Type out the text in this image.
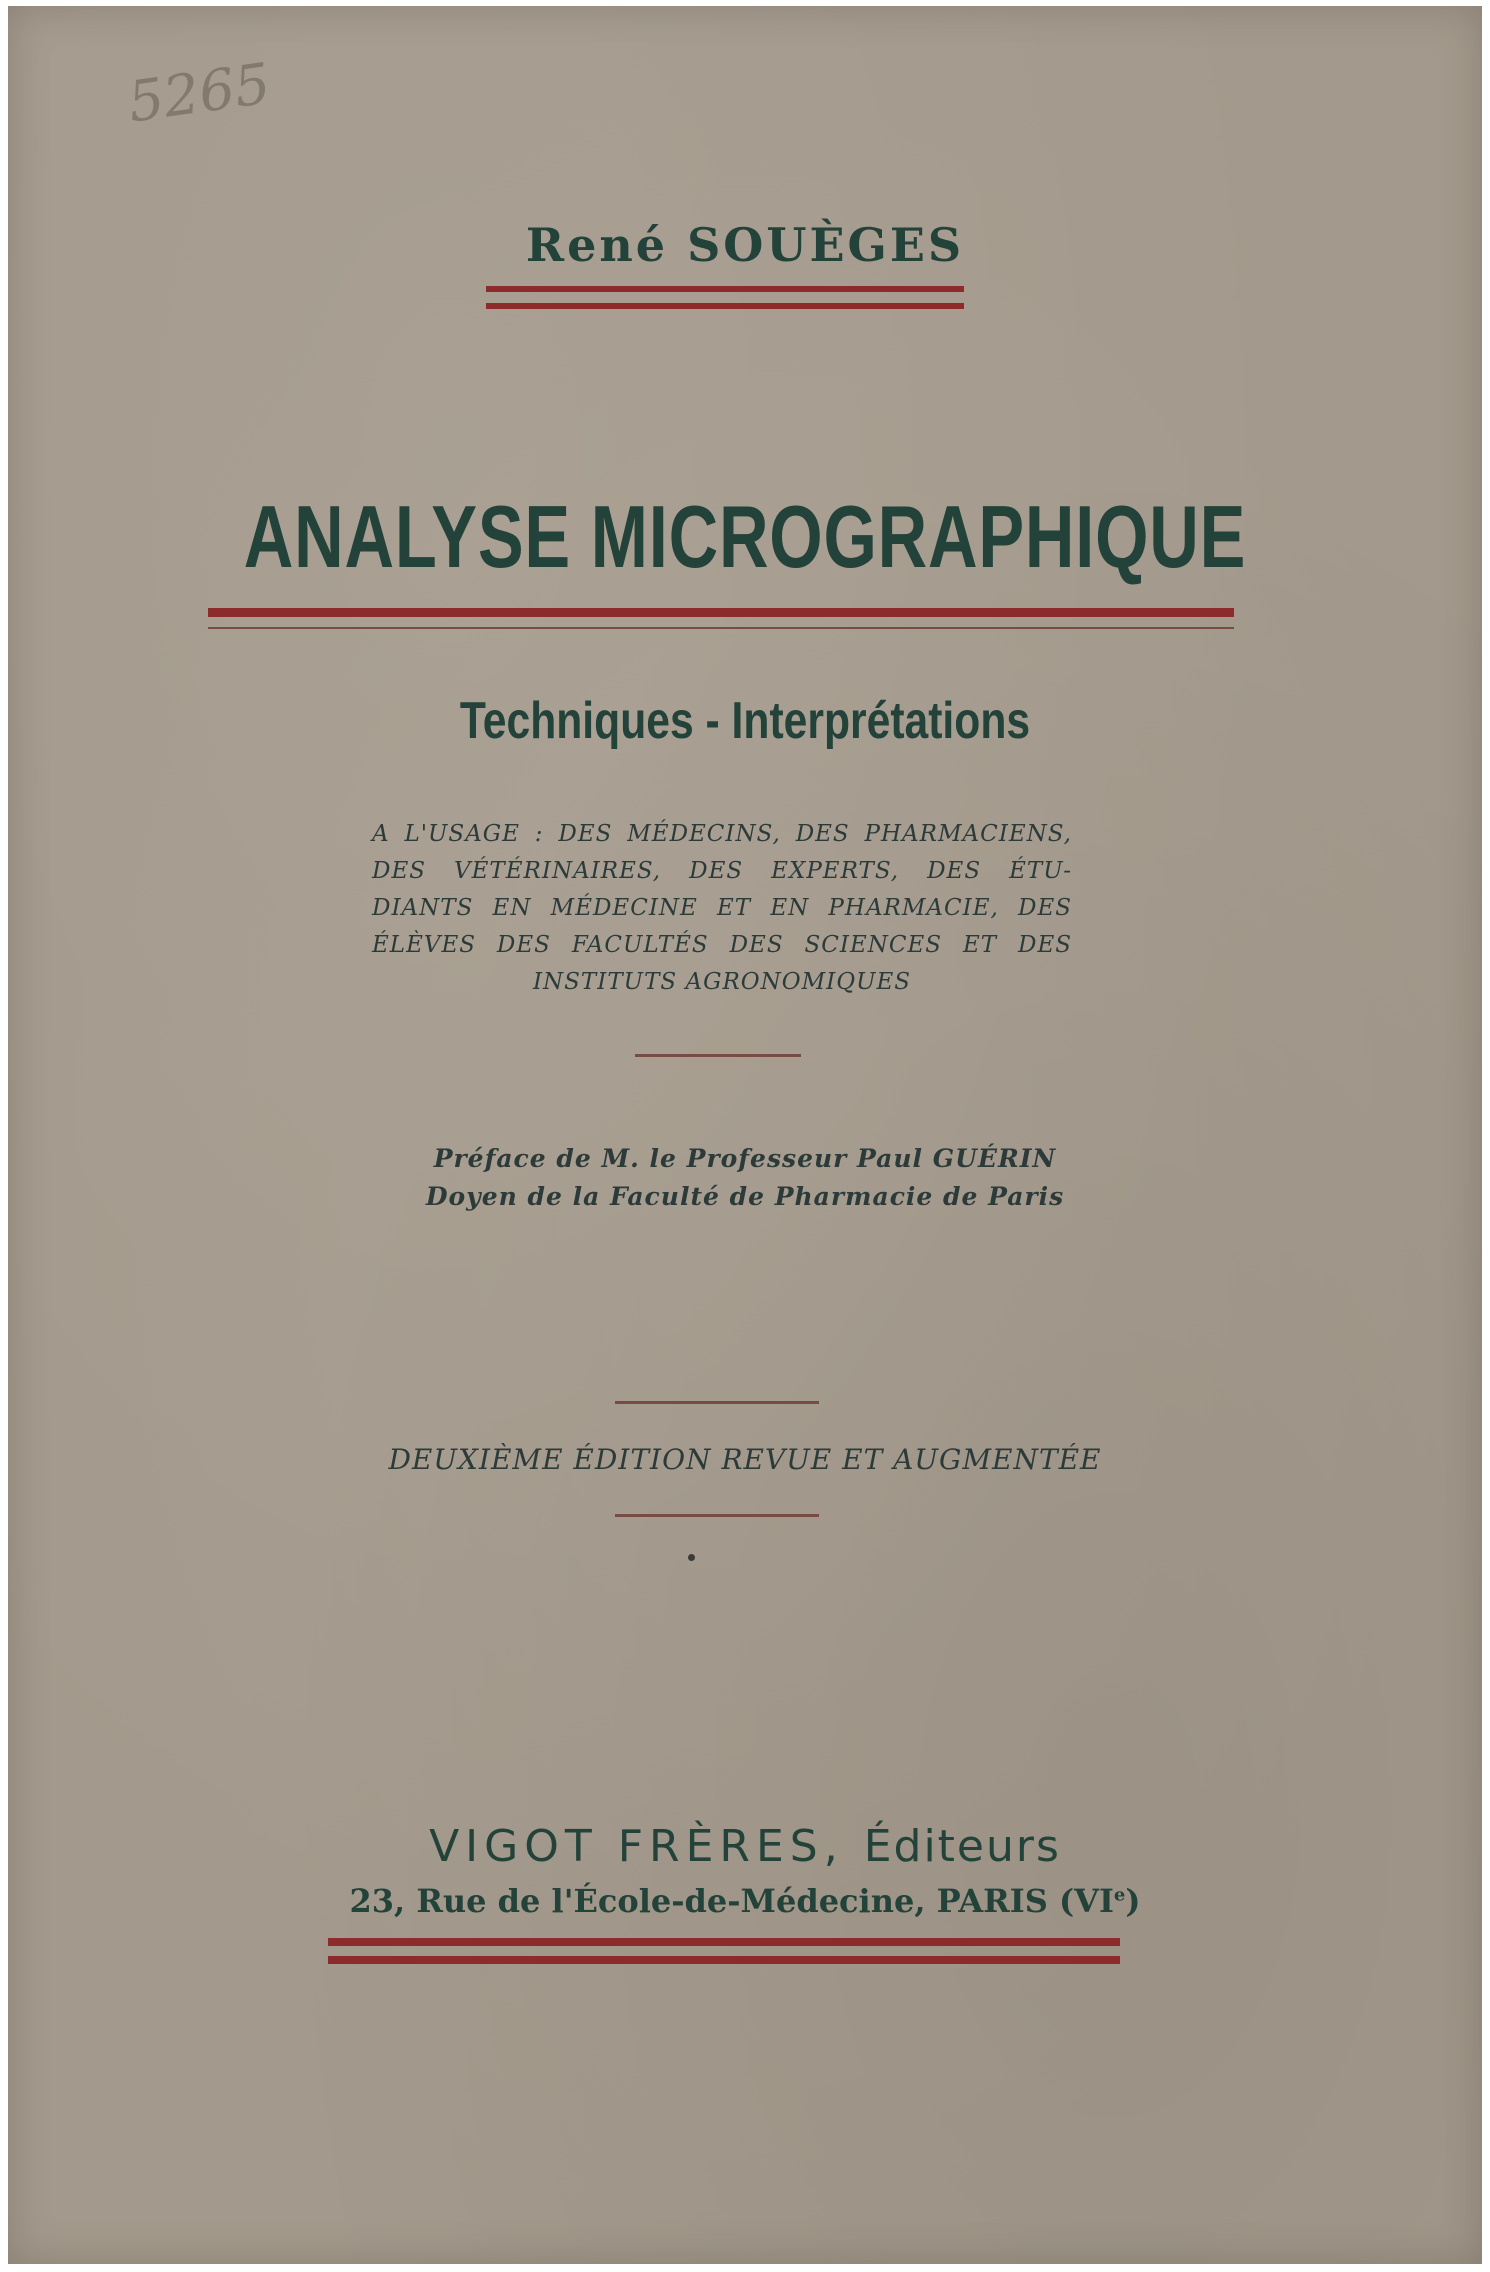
5265
René SOUÈGES
ANALYSE MICROGRAPHIQUE
Techniques - Interprétations
A L'USAGE : DES MÉDECINS, DES PHARMACIENS,
DES VÉTÉRINAIRES, DES EXPERTS, DES ÉTU-
DIANTS EN MÉDECINE ET EN PHARMACIE, DES
ÉLÈVES DES FACULTÉS DES SCIENCES ET DES
INSTITUTS AGRONOMIQUES
Préface de M. le Professeur Paul GUÉRIN
Doyen de la Faculté de Pharmacie de Paris
DEUXIÈME ÉDITION REVUE ET AUGMENTÉE
VIGOT FRÈRES, Éditeurs
23, Rue de l'École-de-Médecine, PARIS (VIe)
